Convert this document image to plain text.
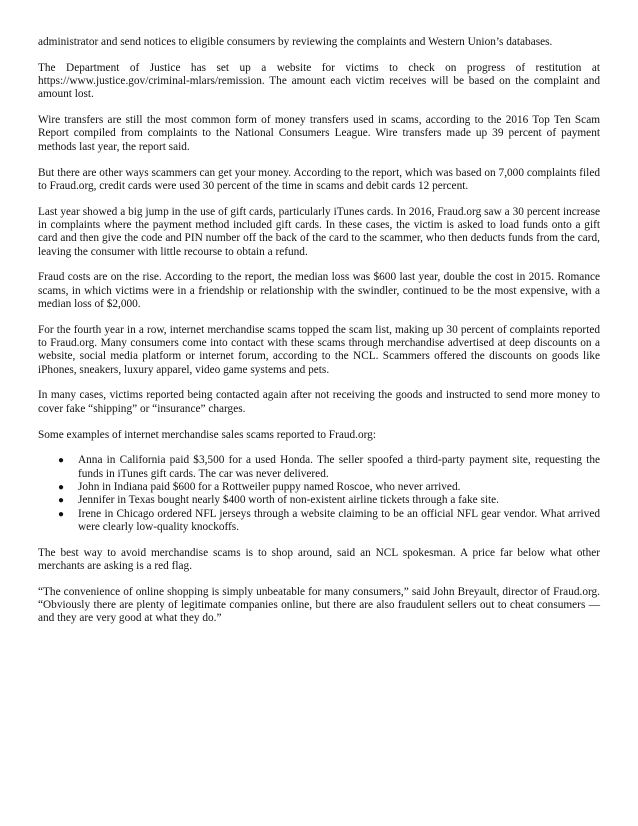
administrator and send notices to eligible consumers by reviewing the complaints and Western Union’s databases.

The Department of Justice has set up a website for victims to check on progress of restitution at https://www.justice.gov/criminal-mlars/remission. The amount each victim receives will be based on the complaint and amount lost.

Wire transfers are still the most common form of money transfers used in scams, according to the 2016 Top Ten Scam Report compiled from complaints to the National Consumers League. Wire transfers made up 39 percent of payment methods last year, the report said.

But there are other ways scammers can get your money. According to the report, which was based on 7,000 complaints filed to Fraud.org, credit cards were used 30 percent of the time in scams and debit cards 12 percent.

Last year showed a big jump in the use of gift cards, particularly iTunes cards. In 2016, Fraud.org saw a 30 percent increase in complaints where the payment method included gift cards. In these cases, the victim is asked to load funds onto a gift card and then give the code and PIN number off the back of the card to the scammer, who then deducts funds from the card, leaving the consumer with little recourse to obtain a refund.

Fraud costs are on the rise. According to the report, the median loss was $600 last year, double the cost in 2015. Romance scams, in which victims were in a friendship or relationship with the swindler, continued to be the most expensive, with a median loss of $2,000.

For the fourth year in a row, internet merchandise scams topped the scam list, making up 30 percent of complaints reported to Fraud.org. Many consumers come into contact with these scams through merchandise advertised at deep discounts on a website, social media platform or internet forum, according to the NCL. Scammers offered the discounts on goods like iPhones, sneakers, luxury apparel, video game systems and pets.

In many cases, victims reported being contacted again after not receiving the goods and instructed to send more money to cover fake “shipping” or “insurance” charges.

Some examples of internet merchandise sales scams reported to Fraud.org:

● Anna in California paid $3,500 for a used Honda. The seller spoofed a third-party payment site, requesting the funds in iTunes gift cards. The car was never delivered.
● John in Indiana paid $600 for a Rottweiler puppy named Roscoe, who never arrived.
● Jennifer in Texas bought nearly $400 worth of non-existent airline tickets through a fake site.
● Irene in Chicago ordered NFL jerseys through a website claiming to be an official NFL gear vendor. What arrived were clearly low-quality knockoffs.

The best way to avoid merchandise scams is to shop around, said an NCL spokesman. A price far below what other merchants are asking is a red flag.

“The convenience of online shopping is simply unbeatable for many consumers,” said John Breyault, director of Fraud.org. “Obviously there are plenty of legitimate companies online, but there are also fraudulent sellers out to cheat consumers — and they are very good at what they do.”
